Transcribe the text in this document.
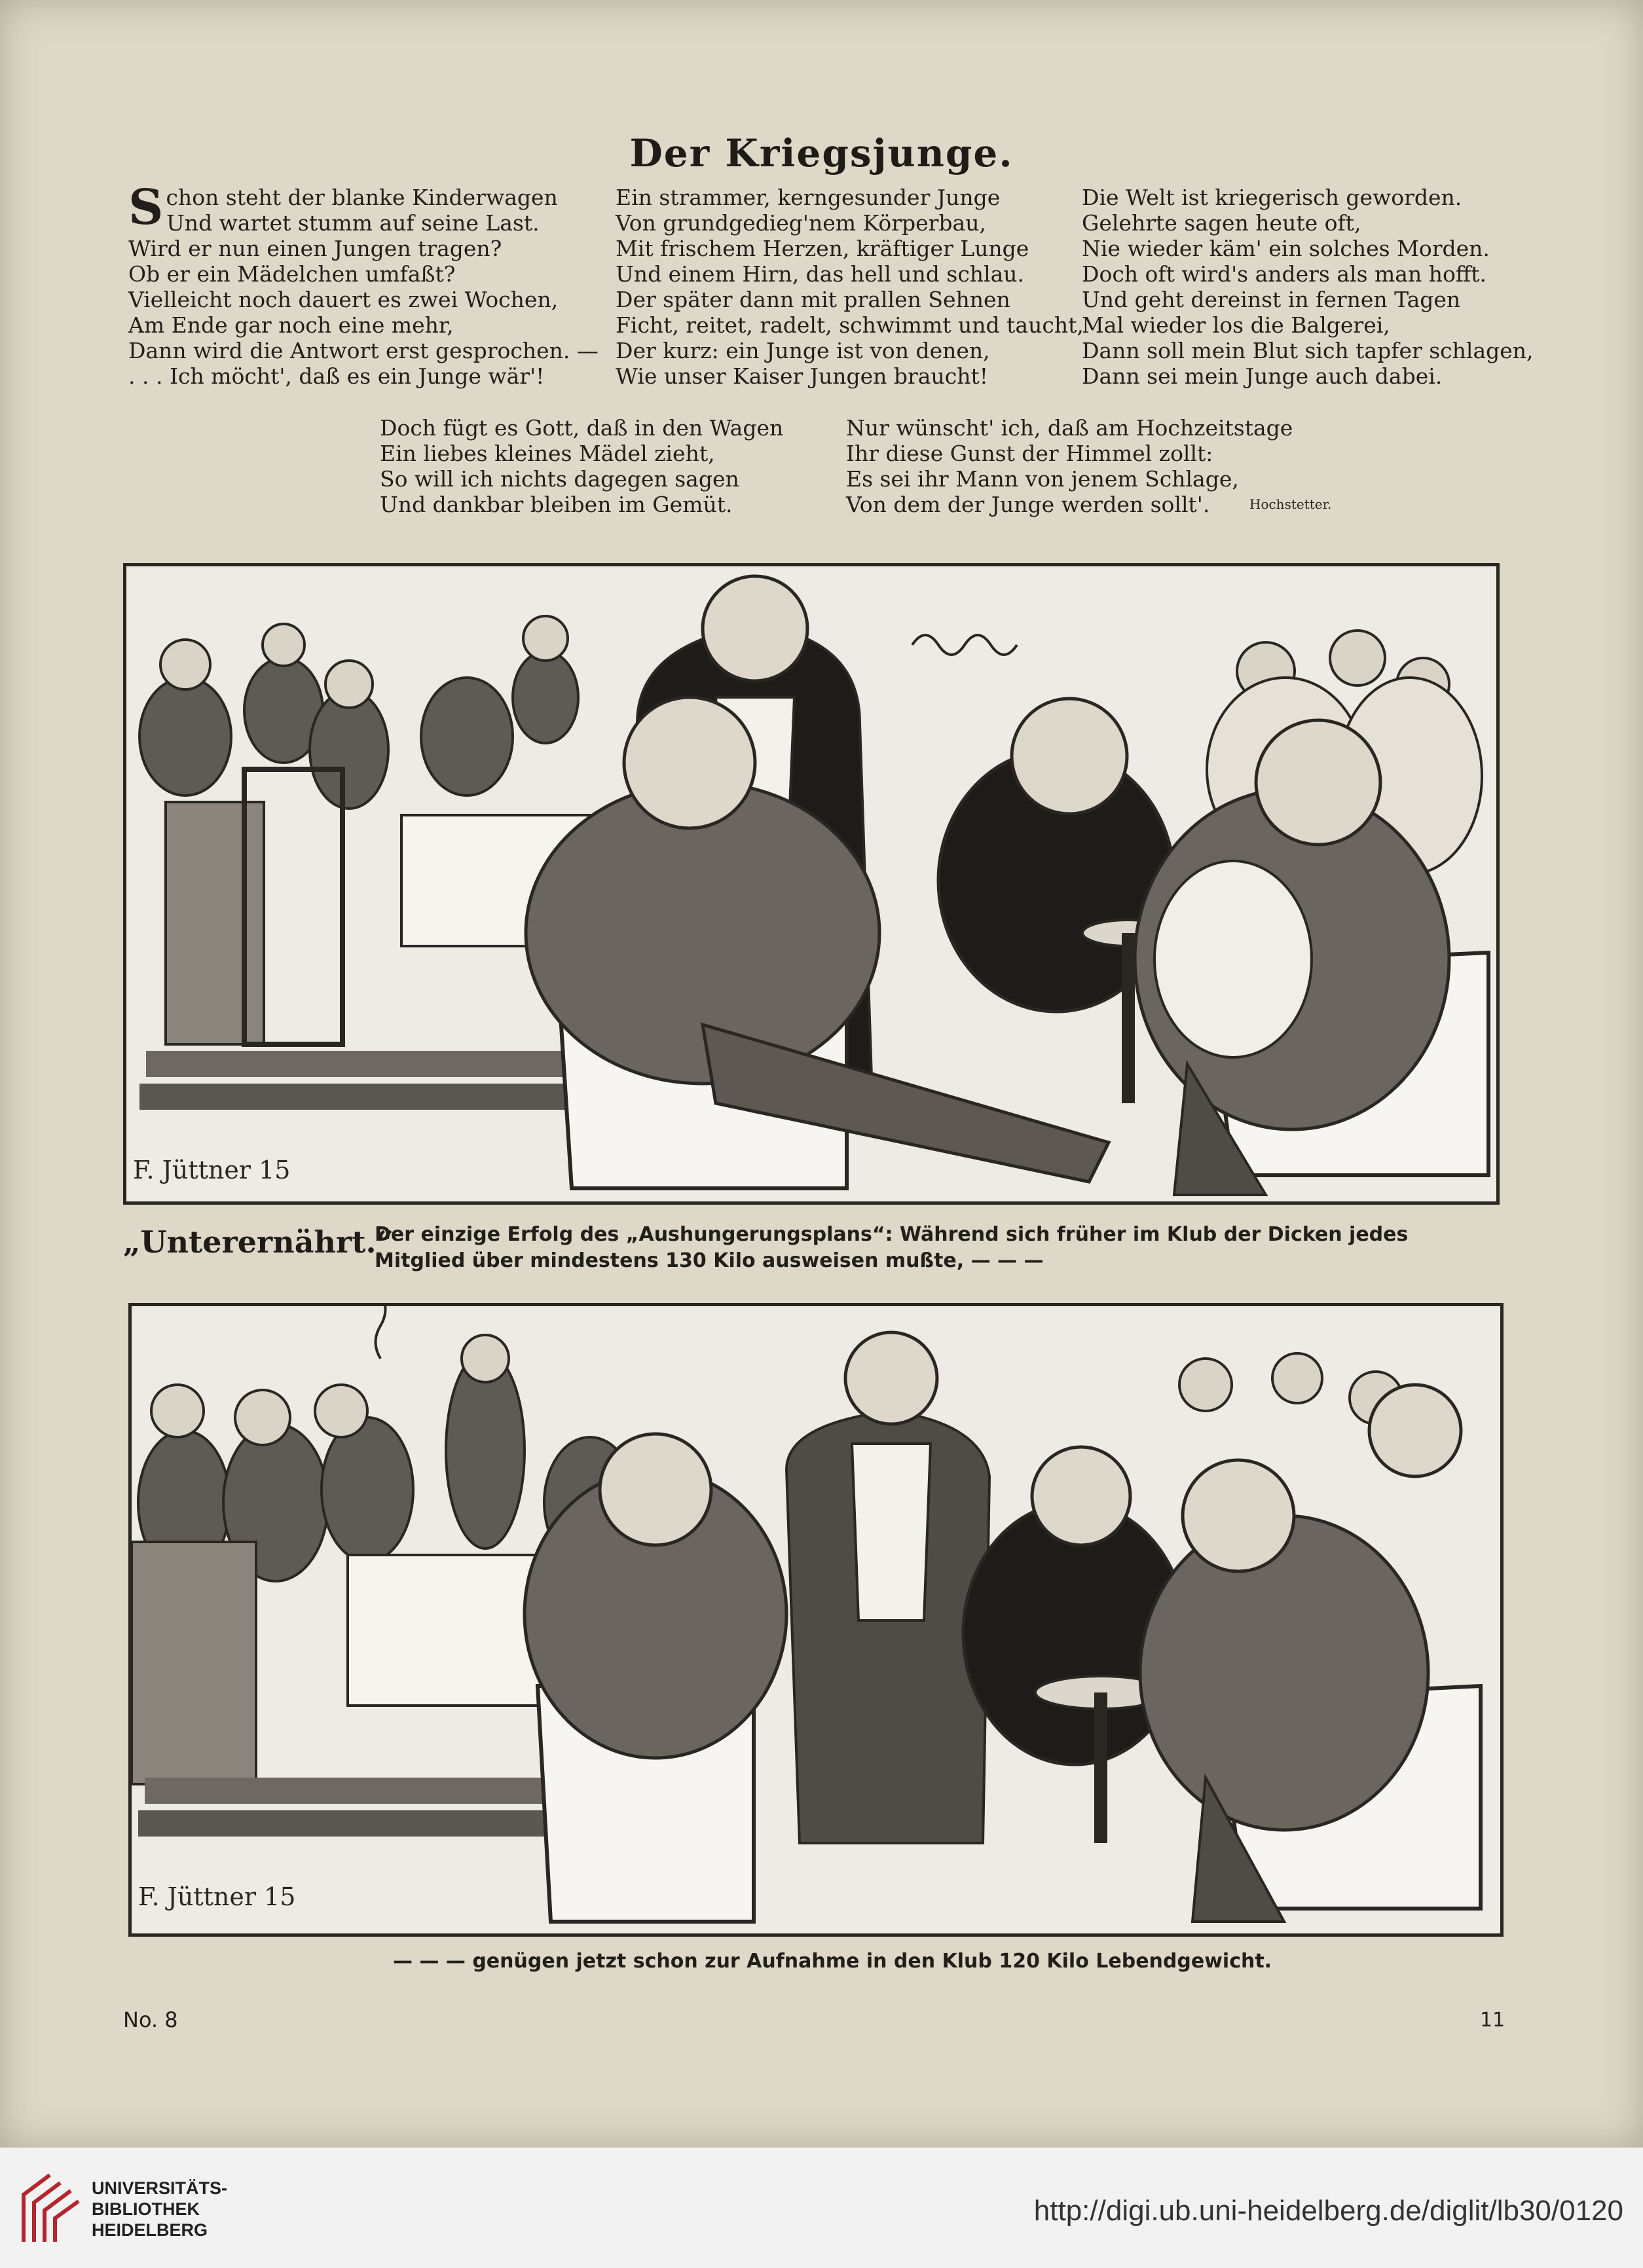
Der Kriegsjunge.
Schon steht der blanke Kinderwagen
Und wartet stumm auf seine Last.
Wird er nun einen Jungen tragen?
Ob er ein Mädelchen umfaßt?
Vielleicht noch dauert es zwei Wochen,
Am Ende gar noch eine mehr,
Dann wird die Antwort erst gesprochen. —
. . . Ich möcht', daß es ein Junge wär'!
Ein strammer, kerngesunder Junge
Von grundgedieg'nem Körperbau,
Mit frischem Herzen, kräftiger Lunge
Und einem Hirn, das hell und schlau.
Der später dann mit prallen Sehnen
Ficht, reitet, radelt, schwimmt und taucht,
Der kurz: ein Junge ist von denen,
Wie unser Kaiser Jungen braucht!
Die Welt ist kriegerisch geworden.
Gelehrte sagen heute oft,
Nie wieder käm' ein solches Morden.
Doch oft wird's anders als man hofft.
Und geht dereinst in fernen Tagen
Mal wieder los die Balgerei,
Dann soll mein Blut sich tapfer schlagen,
Dann sei mein Junge auch dabei.
Doch fügt es Gott, daß in den Wagen
Ein liebes kleines Mädel zieht,
So will ich nichts dagegen sagen
Und dankbar bleiben im Gemüt.
Nur wünscht' ich, daß am Hochzeitstage
Ihr diese Gunst der Himmel zollt:
Es sei ihr Mann von jenem Schlage,
Von dem der Junge werden sollt'.	Hochstetter.
F. Jüttner 15
„Unterernährt.“
Der einzige Erfolg des „Aushungerungsplans“: Während sich früher im Klub der Dicken jedes Mitglied über mindestens 130 Kilo ausweisen mußte, — — —
F. Jüttner 15
— — — genügen jetzt schon zur Aufnahme in den Klub 120 Kilo Lebendgewicht.
No. 8	11
UNIVERSITÄTS-
BIBLIOTHEK
HEIDELBERG
http://digi.ub.uni-heidelberg.de/diglit/lb30/0120
